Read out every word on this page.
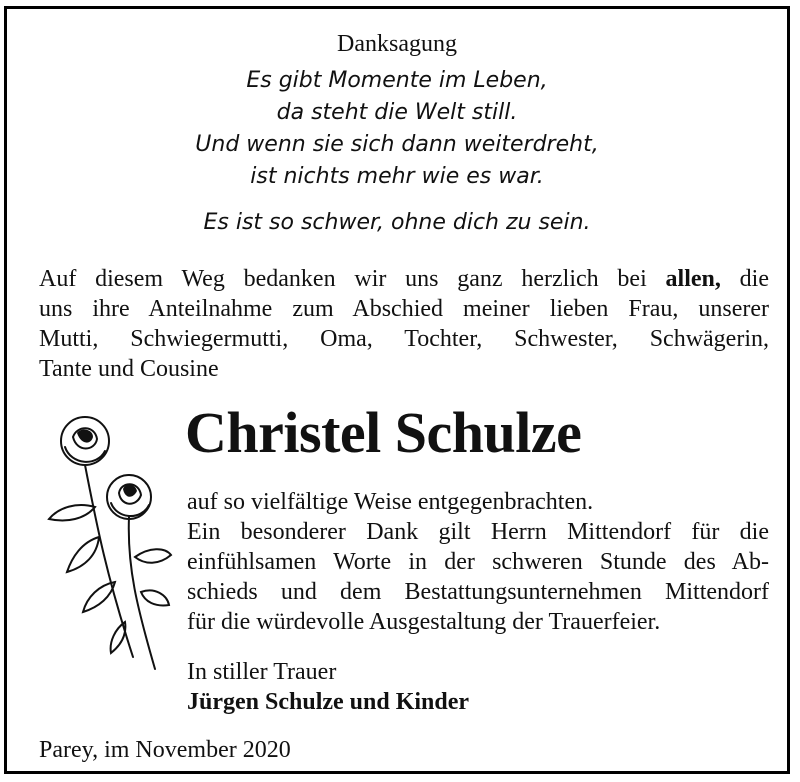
Danksagung
Es gibt Momente im Leben,
da steht die Welt still.
Und wenn sie sich dann weiterdreht,
ist nichts mehr wie es war.
Es ist so schwer, ohne dich zu sein.
Auf diesem Weg bedanken wir uns ganz herzlich bei allen, die
uns ihre Anteilnahme zum Abschied meiner lieben Frau, unserer
Mutti, Schwiegermutti, Oma, Tochter, Schwester, Schwägerin,
Tante und Cousine
Christel Schulze
auf so vielfältige Weise entgegenbrachten.
Ein besonderer Dank gilt Herrn Mittendorf für die
einfühlsamen Worte in der schweren Stunde des Ab-
schieds und dem Bestattungsunternehmen Mittendorf
für die würdevolle Ausgestaltung der Trauerfeier.
In stiller Trauer
Jürgen Schulze und Kinder
Parey, im November 2020
